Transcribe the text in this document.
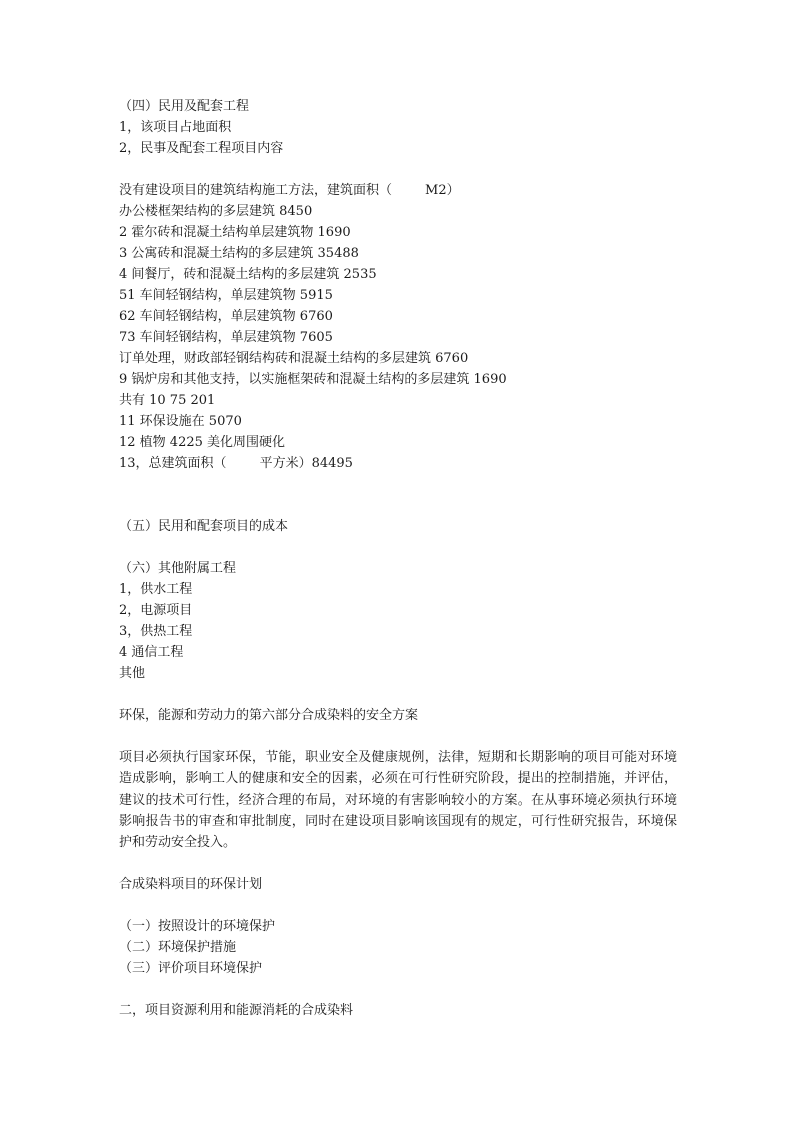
（四）民用及配套工程
1，该项目占地面积
2，民事及配套工程项目内容
没有建设项目的建筑结构施工方法，建筑面积（        M2）
办公楼框架结构的多层建筑 8450
2 霍尔砖和混凝土结构单层建筑物 1690
3 公寓砖和混凝土结构的多层建筑 35488
4 间餐厅，砖和混凝土结构的多层建筑 2535
51 车间轻钢结构，单层建筑物 5915
62 车间轻钢结构，单层建筑物 6760
73 车间轻钢结构，单层建筑物 7605
订单处理，财政部轻钢结构砖和混凝土结构的多层建筑 6760
9 锅炉房和其他支持，以实施框架砖和混凝土结构的多层建筑 1690
共有 10 75 201
11 环保设施在 5070
12 植物 4225 美化周围硬化
13，总建筑面积（        平方米）84495
（五）民用和配套项目的成本
（六）其他附属工程
1，供水工程
2，电源项目
3，供热工程
4 通信工程
其他
环保，能源和劳动力的第六部分合成染料的安全方案
项目必须执行国家环保，节能，职业安全及健康规例，法律，短期和长期影响的项目可能对环境造成影响，影响工人的健康和安全的因素，必须在可行性研究阶段，提出的控制措施，并评估，建议的技术可行性，经济合理的布局，对环境的有害影响较小的方案。在从事环境必须执行环境影响报告书的审查和审批制度，同时在建设项目影响该国现有的规定，可行性研究报告，环境保护和劳动安全投入。
合成染料项目的环保计划
（一）按照设计的环境保护
（二）环境保护措施
（三）评价项目环境保护
二，项目资源利用和能源消耗的合成染料
